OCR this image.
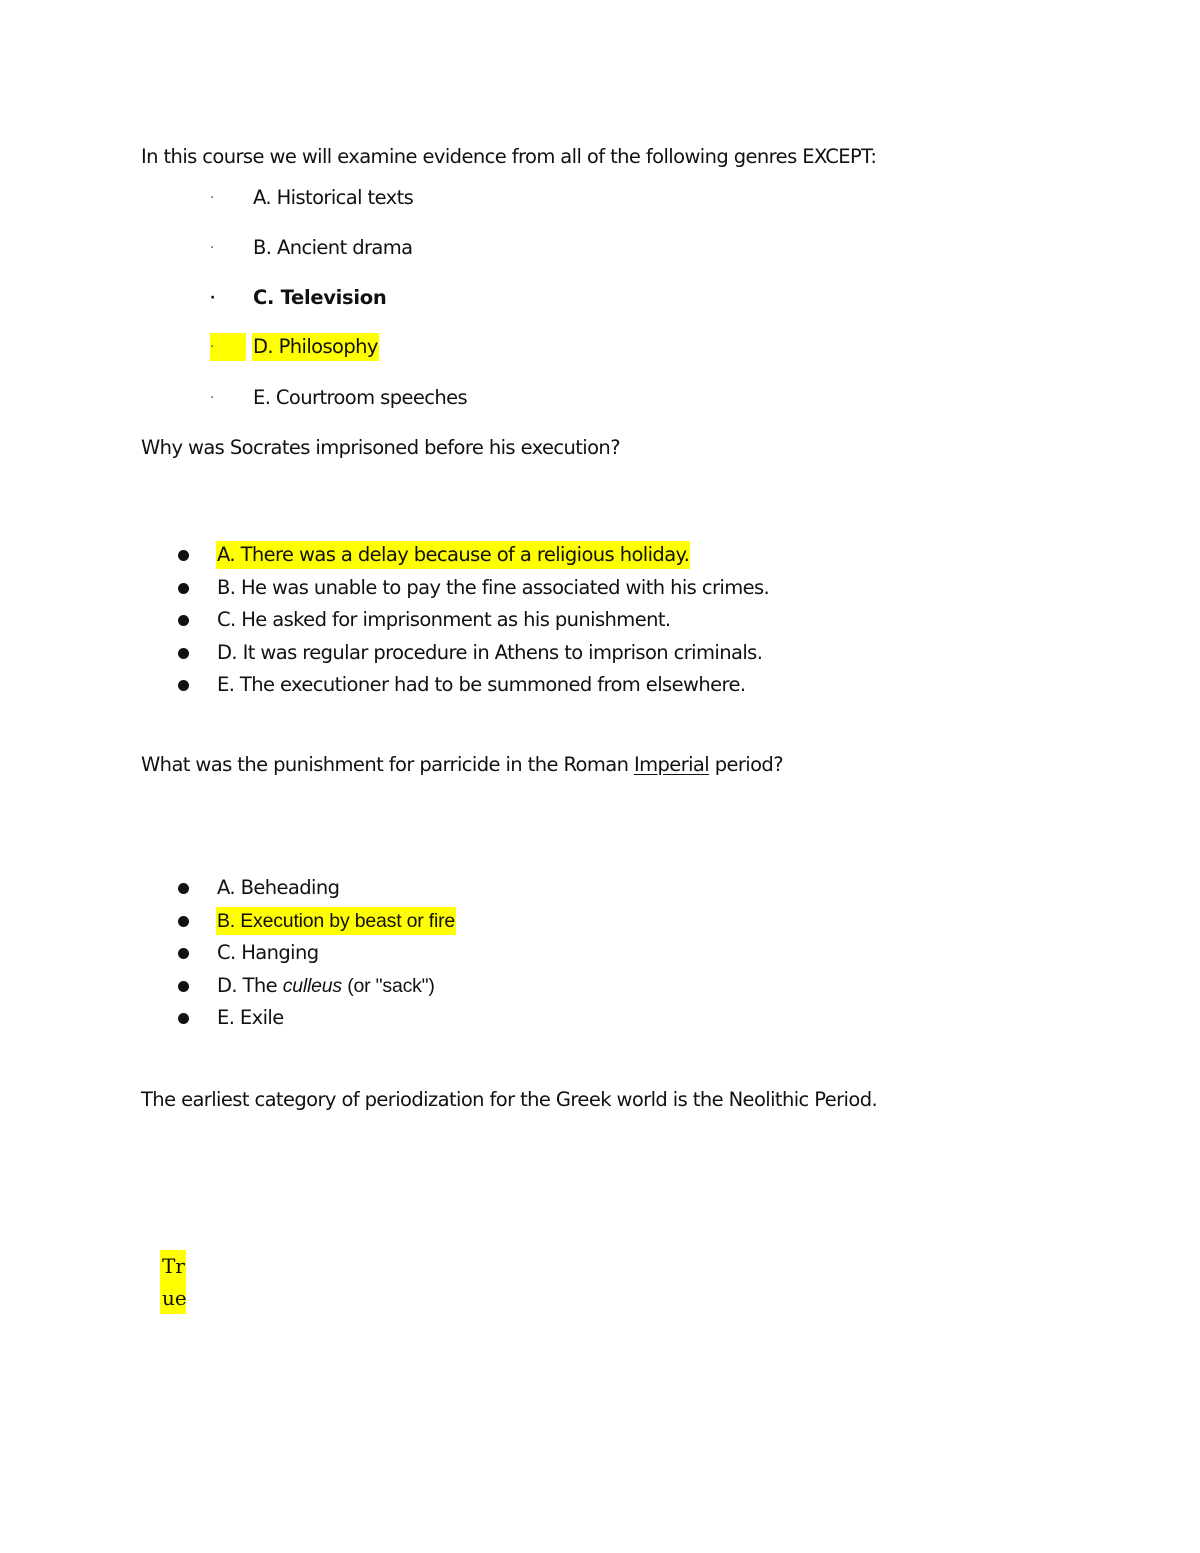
In this course we will examine evidence from all of the following genres EXCEPT:
·	A. Historical texts
·	B. Ancient drama
·	C. Television
·	D. Philosophy
·	E. Courtroom speeches
Why was Socrates imprisoned before his execution?
A. There was a delay because of a religious holiday.
B. He was unable to pay the fine associated with his crimes.
C. He asked for imprisonment as his punishment.
D. It was regular procedure in Athens to imprison criminals.
E. The executioner had to be summoned from elsewhere.
What was the punishment for parricide in the Roman Imperial period?
A. Beheading
B. Execution by beast or fire
C. Hanging
D. The culleus (or "sack")
E. Exile
The earliest category of periodization for the Greek world is the Neolithic Period.
Tr
ue
